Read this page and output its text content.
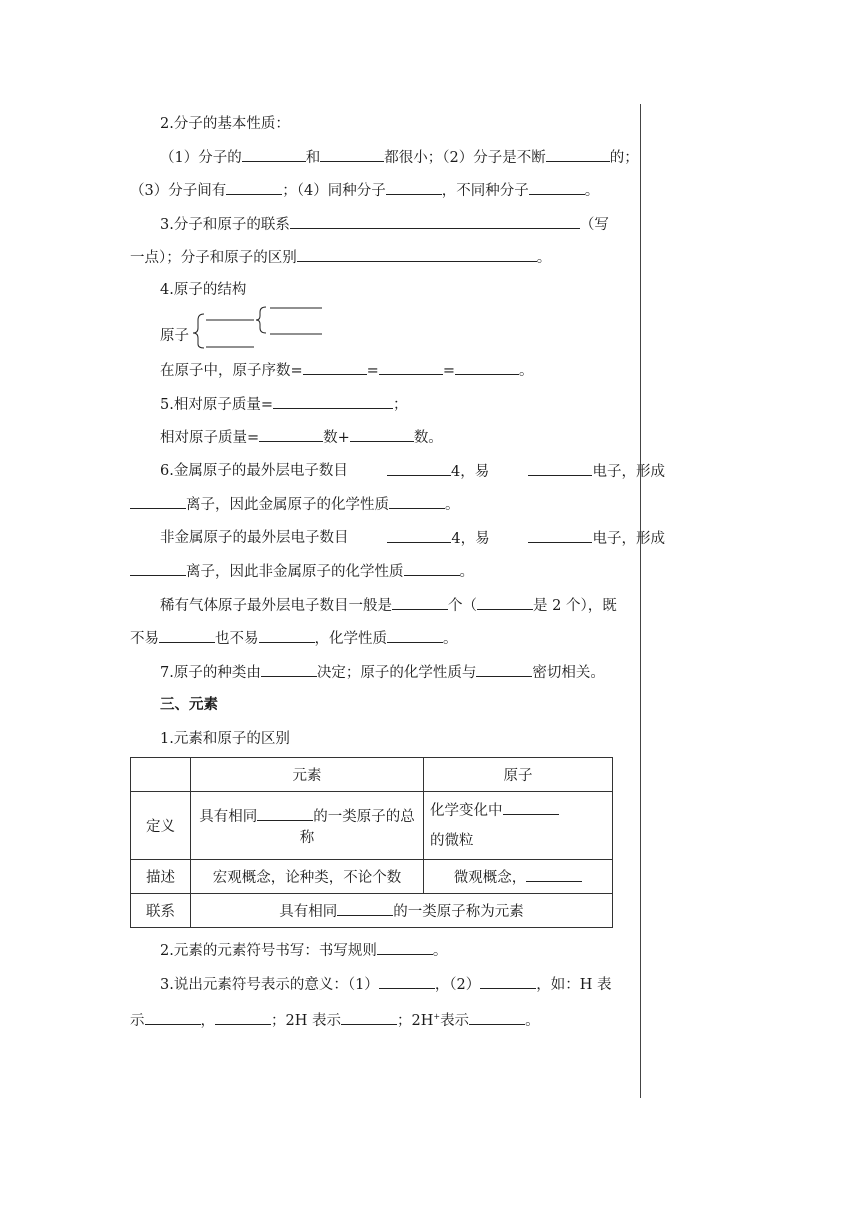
2.分子的基本性质：
（1）分子的	和	都很小；（2）分子是不断	的；
（3）分子间有	；（4）同种分子	，不同种分子	。
3.分子和原子的联系	（写
一点）；分子和原子的区别	。
4.原子的结构
原子
在原子中，原子序数=	=	=	。
5.相对原子质量=	；
相对原子质量=	数+	数。
6.金属原子的最外层电子数目	4，易	电子，形成
离子，因此金属原子的化学性质	。
非金属原子的最外层电子数目	4，易	电子，形成
离子，因此非金属原子的化学性质	。
稀有气体原子最外层电子数目一般是	个（	是 2 个），既
不易	也不易	，化学性质	。
7.原子的种类由	决定；原子的化学性质与	密切相关。
三、元素
1.元素和原子的区别
	元素	原子
定义	具有相同 的一类原子的总称	化学变化中
的微粒
描述	宏观概念，论种类，不论个数	微观概念，
联系	具有相同 的一类原子称为元素	
2.元素的元素符号书写：书写规则	。
3.说出元素符号表示的意义：（1）	，（2）	，如：H 表
示	，	；2H 表示	；2H+表示	。
